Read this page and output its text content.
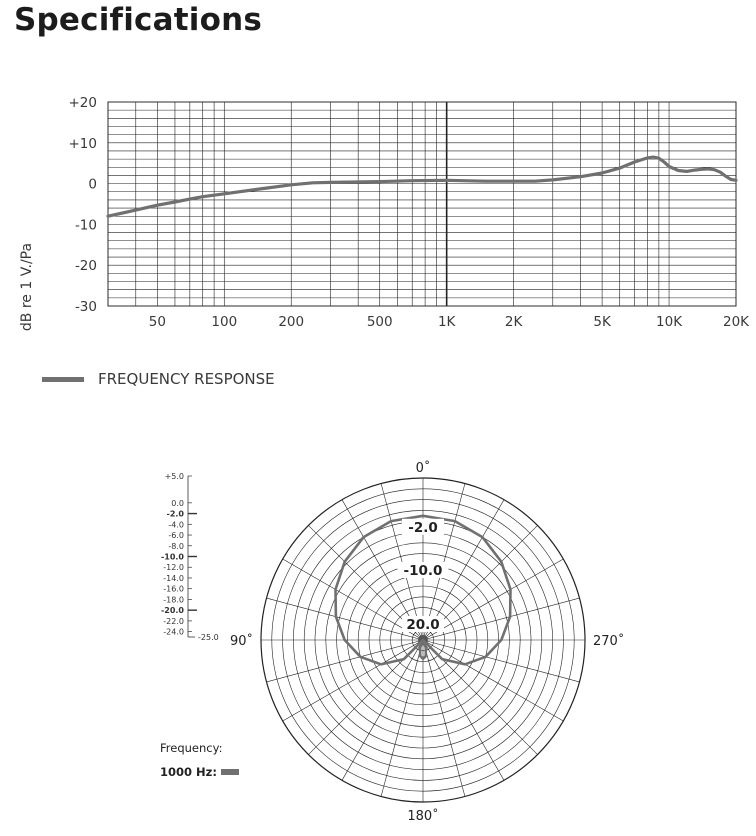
Specifications
dB re 1 V./Pa
+20
+10
0
-10
-20
-30
50	100	200	500	1K	2K	5K	10K	20K
FREQUENCY RESPONSE
-2.0
-10.0
20.0
0˚
90˚
180˚
270˚
+5.0
0.0
-2.0
-4.0
-6.0
-8.0
-10.0
-12.0
-14.0
-16.0
-18.0
-20.0
-22.0
-24.0
-25.0
Frequency:
1000 Hz:
